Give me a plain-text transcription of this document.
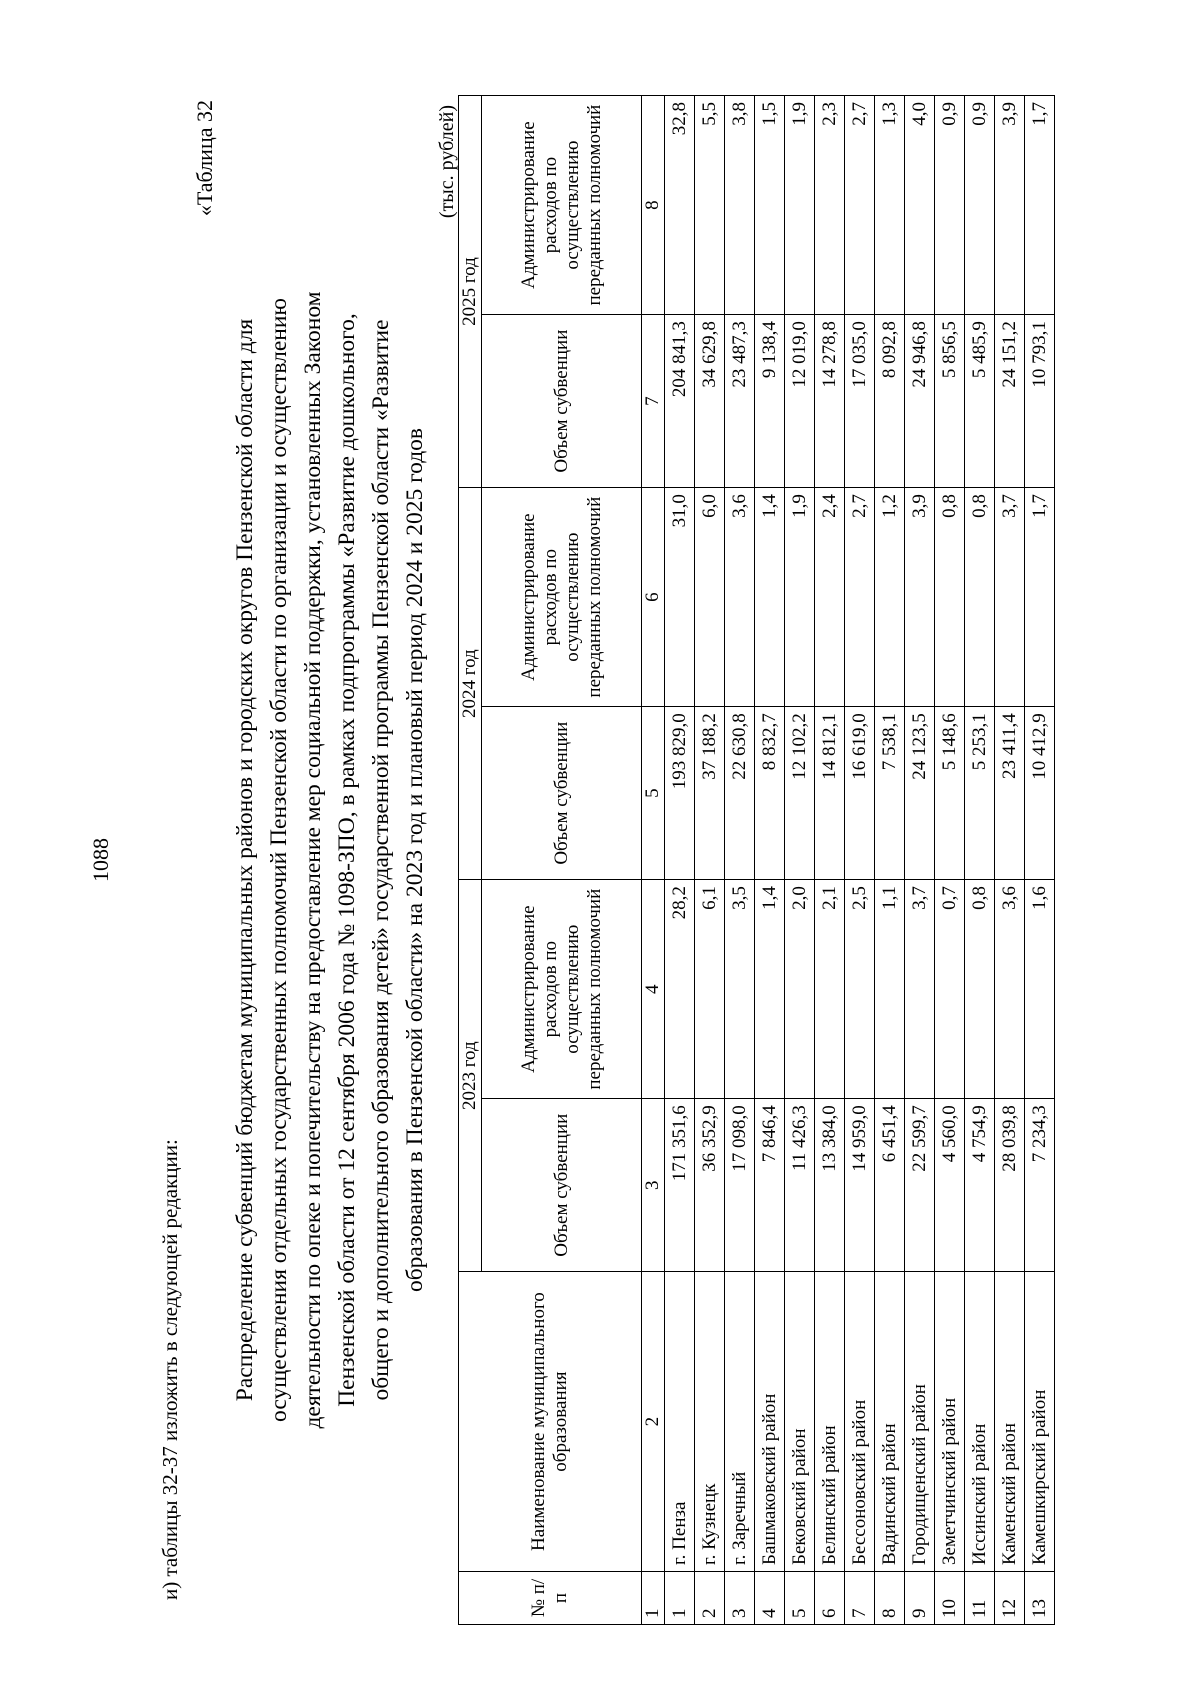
1088
и) таблицы 32-37 изложить в следующей редакции:
«Таблица 32
Распределение субвенций бюджетам муниципальных районов и городских округов Пензенской области для осуществления отдельных государственных полномочий Пензенской области по организации и осуществлению деятельности по опеке и попечительству на предоставление мер социальной поддержки, установленных Законом Пензенской области от 12 сентября 2006 года № 1098-ЗПО, в рамках подпрограммы «Развитие дошкольного, общего и дополнительного образования детей» государственной программы Пензенской области «Развитие образования в Пензенской области» на 2023 год и плановый период 2024 и 2025 годов
(тыс. рублей)
№ п/п	Наименование муниципального образования	2023 год		2024 год		2025 год	
		Объем субвенции	Администрирование расходов по осуществлению переданных полномочий	Объем субвенции	Администрирование расходов по осуществлению переданных полномочий	Объем субвенции	Администрирование расходов по осуществлению переданных полномочий
1	2	3	4	5	6	7	8
1	г. Пенза	171 351,6	28,2	193 829,0	31,0	204 841,3	32,8
2	г. Кузнецк	36 352,9	6,1	37 188,2	6,0	34 629,8	5,5
3	г. Заречный	17 098,0	3,5	22 630,8	3,6	23 487,3	3,8
4	Башмаковский район	7 846,4	1,4	8 832,7	1,4	9 138,4	1,5
5	Бековский район	11 426,3	2,0	12 102,2	1,9	12 019,0	1,9
6	Белинский район	13 384,0	2,1	14 812,1	2,4	14 278,8	2,3
7	Бессоновский район	14 959,0	2,5	16 619,0	2,7	17 035,0	2,7
8	Вадинский район	6 451,4	1,1	7 538,1	1,2	8 092,8	1,3
9	Городищенский район	22 599,7	3,7	24 123,5	3,9	24 946,8	4,0
10	Земетчинский район	4 560,0	0,7	5 148,6	0,8	5 856,5	0,9
11	Иссинский район	4 754,9	0,8	5 253,1	0,8	5 485,9	0,9
12	Каменский район	28 039,8	3,6	23 411,4	3,7	24 151,2	3,9
13	Камешкирский район	7 234,3	1,6	10 412,9	1,7	10 793,1	1,7
